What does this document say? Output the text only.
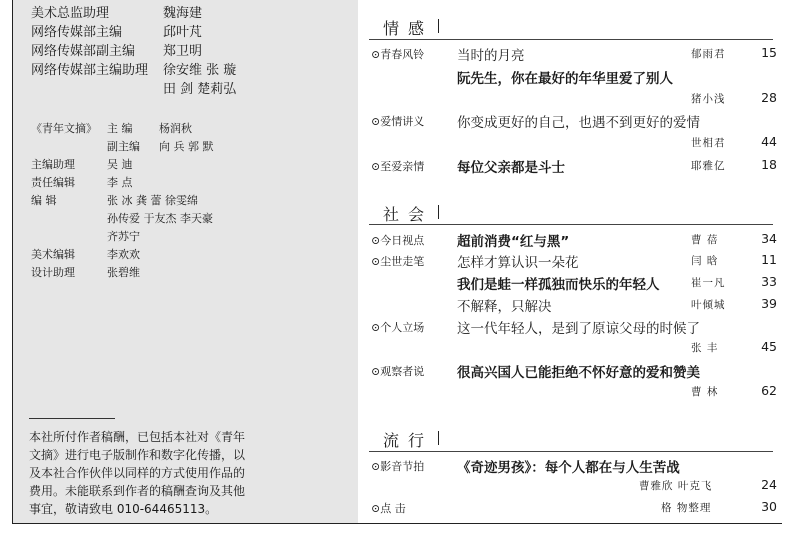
美术总监助理	魏海建
网络传媒部主编	邱叶芃
网络传媒部副主编 郑卫明
网络传媒部主编助理 徐安维 张 璇
田 剑 楚莉弘
《青年文摘》 主 编 杨润秋
副主编 向 兵 郭 默
主编助理	吴 迪
责任编辑	李 点
编 辑	张 冰 龚 蕾 徐雯绵
孙传爱 于友杰 李天豪
齐苏宁
美术编辑	李欢欢
设计助理	张碧维
本社所付作者稿酬，已包括本社对《青年
文摘》进行电子版制作和数字化传播，以
及本社合作伙伴以同样的方式使用作品的
费用。未能联系到作者的稿酬查询及其他
事宜，敬请致电 010-64465113。
情感
⊙青春风铃 当时的月亮	郁雨君	15
阮先生，你在最好的年华里爱了别人
猪小浅	28
⊙爱情讲义 你变成更好的自己，也遇不到更好的爱情
世相君	44
⊙至爱亲情 每位父亲都是斗士	耶雅亿	18
社会
⊙今日视点 超前消费“红与黑”	曹 蓓	34
⊙尘世走笔 怎样才算认识一朵花	闫 晗	11
我们是蛙一样孤独而快乐的年轻人	崔一凡	33
不解释，只解决	叶倾城	39
⊙个人立场 这一代年轻人，是到了原谅父母的时候了
张 丰	45
⊙观察者说 很高兴国人已能拒绝不怀好意的爱和赞美
曹 林	62
流行
⊙影音节拍 《奇迹男孩》：每个人都在与人生苦战
曹雅欣 叶克飞	24
⊙点 击	格 物整理	30
